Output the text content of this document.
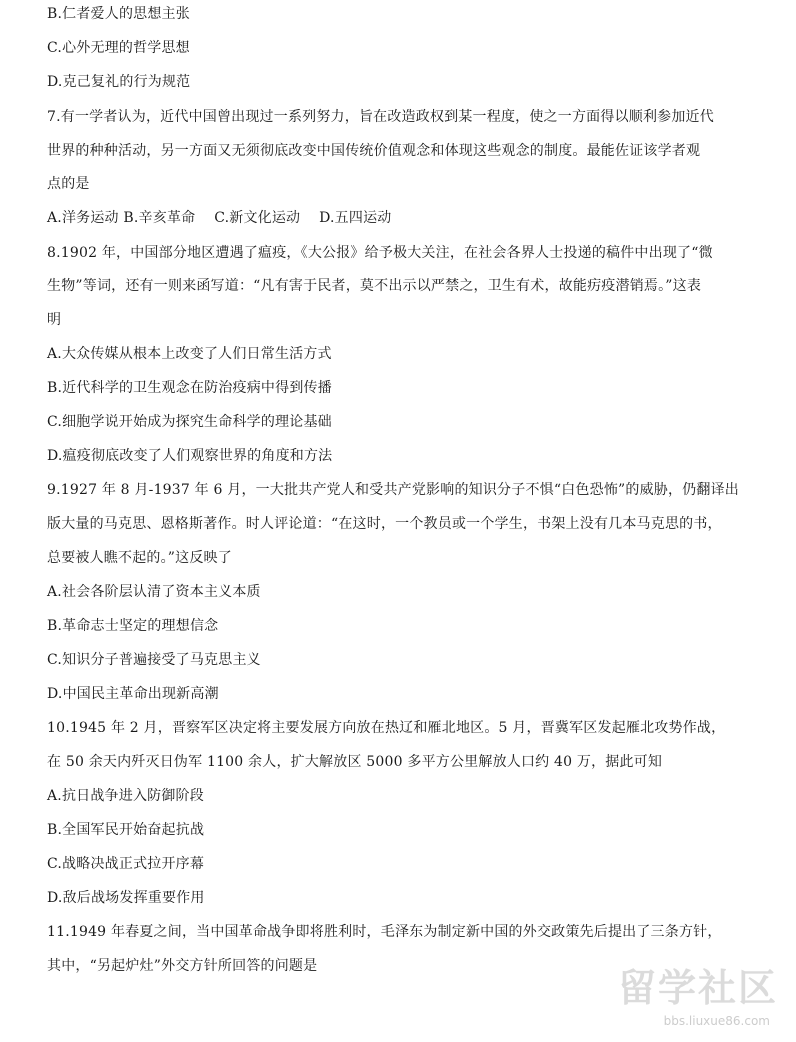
B.仁者爱人的思想主张
C.心外无理的哲学思想
D.克己复礼的行为规范
7.有一学者认为，近代中国曾出现过一系列努力，旨在改造政权到某一程度，使之一方面得以顺利参加近代
世界的种种活动，另一方面又无须彻底改变中国传统价值观念和体现这些观念的制度。最能佐证该学者观
点的是
A.洋务运动 B.辛亥革命　 C.新文化运动　 D.五四运动
8.1902 年，中国部分地区遭遇了瘟疫，《大公报》给予极大关注，在社会各界人士投递的稿件中出现了“微
生物”等词，还有一则来函写道：“凡有害于民者，莫不出示以严禁之，卫生有术，故能疠疫潜销焉。”这表
明
A.大众传媒从根本上改变了人们日常生活方式
B.近代科学的卫生观念在防治疫病中得到传播
C.细胞学说开始成为探究生命科学的理论基础
D.瘟疫彻底改变了人们观察世界的角度和方法
9.1927 年 8 月-1937 年 6 月，一大批共产党人和受共产党影响的知识分子不惧“白色恐怖”的威胁，仍翻译出
版大量的马克思、恩格斯著作。时人评论道：“在这时，一个教员或一个学生，书架上没有几本马克思的书，
总要被人瞧不起的。”这反映了
A.社会各阶层认清了资本主义本质
B.革命志士坚定的理想信念
C.知识分子普遍接受了马克思主义
D.中国民主革命出现新高潮
10.1945 年 2 月，晋察军区决定将主要发展方向放在热辽和雁北地区。5 月，晋冀军区发起雁北攻势作战，
在 50 余天内歼灭日伪军 1100 余人，扩大解放区 5000 多平方公里解放人口约 40 万，据此可知
A.抗日战争进入防御阶段
B.全国军民开始奋起抗战
C.战略决战正式拉开序幕
D.敌后战场发挥重要作用
11.1949 年春夏之间，当中国革命战争即将胜利时，毛泽东为制定新中国的外交政策先后提出了三条方针，
其中，“另起炉灶”外交方针所回答的问题是	留学社区
bbs.liuxue86.com
